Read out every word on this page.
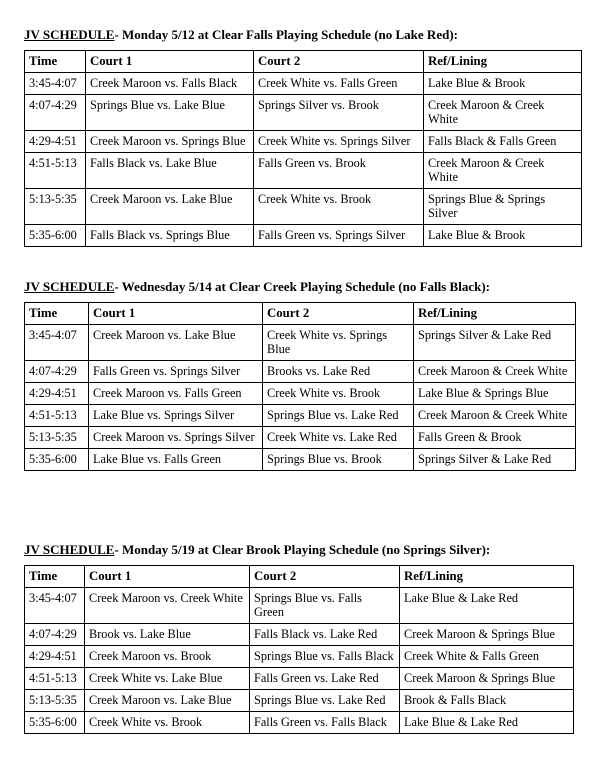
JV SCHEDULE- Monday 5/12 at Clear Falls Playing Schedule (no Lake Red):
Time	Court 1	Court 2	Ref/Lining
3:45-4:07	Creek Maroon vs. Falls Black	Creek White vs. Falls Green	Lake Blue & Brook
4:07-4:29	Springs Blue vs. Lake Blue	Springs Silver vs. Brook	Creek Maroon & Creek White
4:29-4:51	Creek Maroon vs. Springs Blue	Creek White vs. Springs Silver	Falls Black & Falls Green
4:51-5:13	Falls Black vs. Lake Blue	Falls Green vs. Brook	Creek Maroon & Creek White
5:13-5:35	Creek Maroon vs. Lake Blue	Creek White vs. Brook	Springs Blue & Springs Silver
5:35-6:00	Falls Black vs. Springs Blue	Falls Green vs. Springs Silver	Lake Blue & Brook
JV SCHEDULE- Wednesday 5/14 at Clear Creek Playing Schedule (no Falls Black):
Time	Court 1	Court 2	Ref/Lining
3:45-4:07	Creek Maroon vs. Lake Blue	Creek White vs. Springs Blue	Springs Silver & Lake Red
4:07-4:29	Falls Green vs. Springs Silver	Brooks vs. Lake Red	Creek Maroon & Creek White
4:29-4:51	Creek Maroon vs. Falls Green	Creek White vs. Brook	Lake Blue & Springs Blue
4:51-5:13	Lake Blue vs. Springs Silver	Springs Blue vs. Lake Red	Creek Maroon & Creek White
5:13-5:35	Creek Maroon vs. Springs Silver	Creek White vs. Lake Red	Falls Green & Brook
5:35-6:00	Lake Blue vs. Falls Green	Springs Blue vs. Brook	Springs Silver & Lake Red
JV SCHEDULE- Monday 5/19 at Clear Brook Playing Schedule (no Springs Silver):
Time	Court 1	Court 2	Ref/Lining
3:45-4:07	Creek Maroon vs. Creek White	Springs Blue vs. Falls Green	Lake Blue & Lake Red
4:07-4:29	Brook vs. Lake Blue	Falls Black vs. Lake Red	Creek Maroon & Springs Blue
4:29-4:51	Creek Maroon vs. Brook	Springs Blue vs. Falls Black	Creek White & Falls Green
4:51-5:13	Creek White vs. Lake Blue	Falls Green vs. Lake Red	Creek Maroon & Springs Blue
5:13-5:35	Creek Maroon vs. Lake Blue	Springs Blue vs. Lake Red	Brook & Falls Black
5:35-6:00	Creek White vs. Brook	Falls Green vs. Falls Black	Lake Blue & Lake Red
